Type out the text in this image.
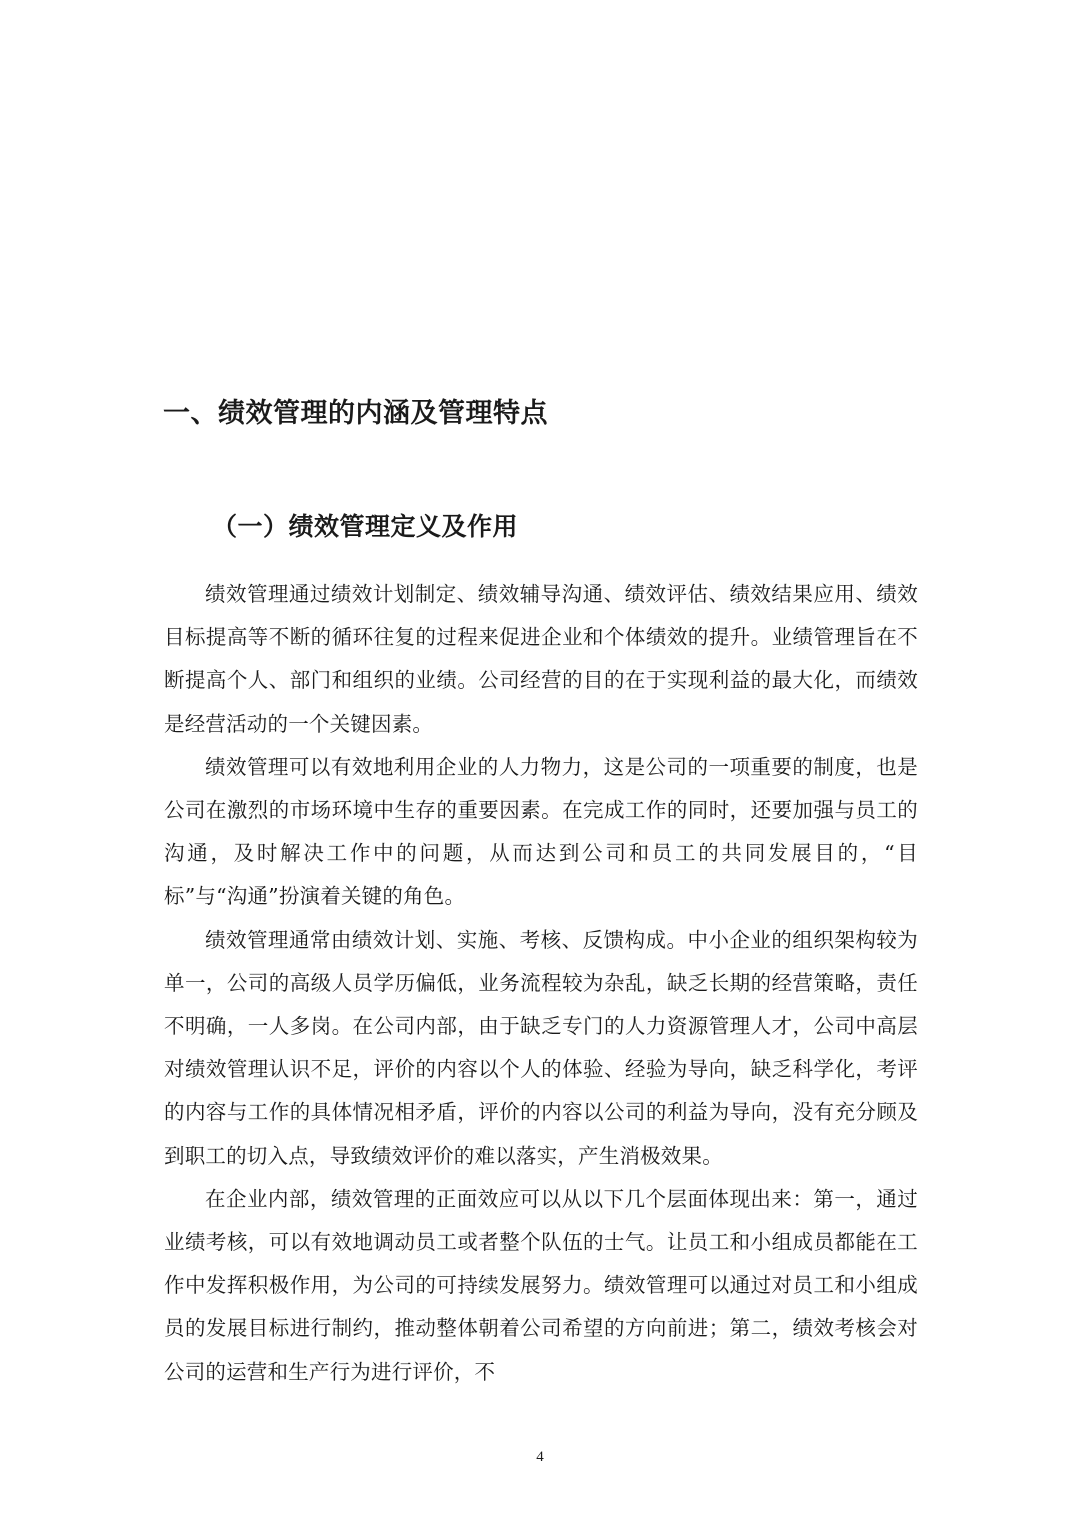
一、绩效管理的内涵及管理特点
（一）绩效管理定义及作用

绩效管理通过绩效计划制定、绩效辅导沟通、绩效评估、绩效结果应用、绩效目标提高等不断的循环往复的过程来促进企业和个体绩效的提升。业绩管理旨在不断提高个人、部门和组织的业绩。公司经营的目的在于实现利益的最大化，而绩效是经营活动的一个关键因素。

绩效管理可以有效地利用企业的人力物力，这是公司的一项重要的制度，也是公司在激烈的市场环境中生存的重要因素。在完成工作的同时，还要加强与员工的沟通，及时解决工作中的问题，从而达到公司和员工的共同发展目的，“目标”与“沟通”扮演着关键的角色。

绩效管理通常由绩效计划、实施、考核、反馈构成。中小企业的组织架构较为单一，公司的高级人员学历偏低，业务流程较为杂乱，缺乏长期的经营策略，责任不明确，一人多岗。在公司内部，由于缺乏专门的人力资源管理人才，公司中高层对绩效管理认识不足，评价的内容以个人的体验、经验为导向，缺乏科学化，考评的内容与工作的具体情况相矛盾，评价的内容以公司的利益为导向，没有充分顾及到职工的切入点，导致绩效评价的难以落实，产生消极效果。

在企业内部，绩效管理的正面效应可以从以下几个层面体现出来：第一，通过业绩考核，可以有效地调动员工或者整个队伍的士气。让员工和小组成员都能在工作中发挥积极作用，为公司的可持续发展努力。绩效管理可以通过对员工和小组成员的发展目标进行制约，推动整体朝着公司希望的方向前进；第二，绩效考核会对公司的运营和生产行为进行评价，不

4
